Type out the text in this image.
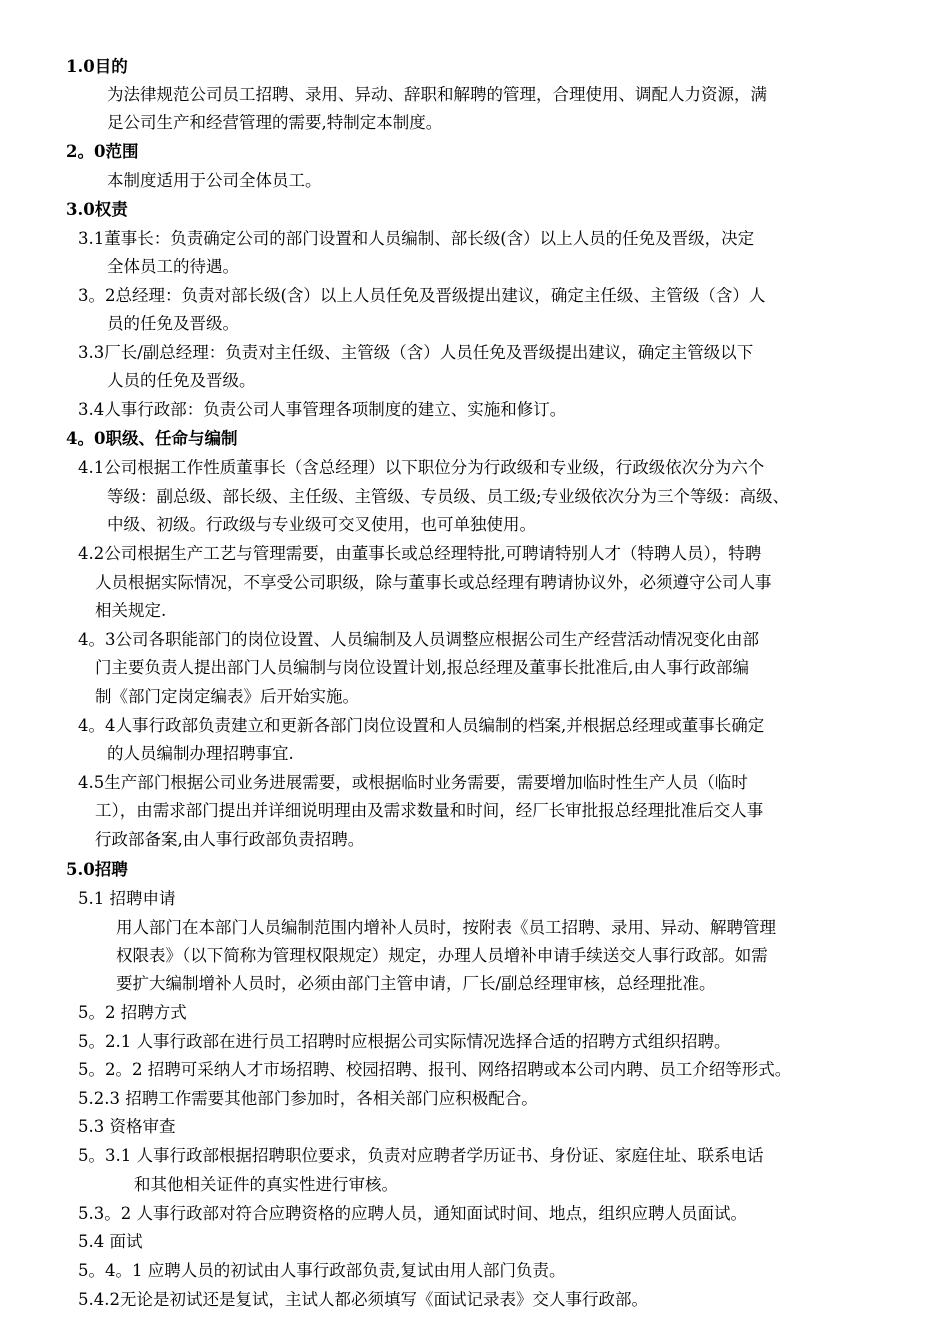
1.0目的
为法律规范公司员工招聘、录用、异动、辞职和解聘的管理，合理使用、调配人力资源，满
足公司生产和经营管理的需要,特制定本制度。
2。0范围
本制度适用于公司全体员工。
3.0权责
3.1董事长：负责确定公司的部门设置和人员编制、部长级(含）以上人员的任免及晋级，决定
全体员工的待遇。
3。2总经理：负责对部长级(含）以上人员任免及晋级提出建议，确定主任级、主管级（含）人
员的任免及晋级。
3.3厂长/副总经理：负责对主任级、主管级（含）人员任免及晋级提出建议，确定主管级以下
人员的任免及晋级。
3.4人事行政部：负责公司人事管理各项制度的建立、实施和修订。
4。0职级、任命与编制
4.1公司根据工作性质董事长（含总经理）以下职位分为行政级和专业级，行政级依次分为六个
等级：副总级、部长级、主任级、主管级、专员级、员工级;专业级依次分为三个等级：高级、
中级、初级。行政级与专业级可交叉使用，也可单独使用。
4.2公司根据生产工艺与管理需要，由董事长或总经理特批,可聘请特别人才（特聘人员），特聘
人员根据实际情况，不享受公司职级，除与董事长或总经理有聘请协议外，必须遵守公司人事
相关规定.
4。3公司各职能部门的岗位设置、人员编制及人员调整应根据公司生产经营活动情况变化由部
门主要负责人提出部门人员编制与岗位设置计划,报总经理及董事长批准后,由人事行政部编
制《部门定岗定编表》后开始实施。
4。4人事行政部负责建立和更新各部门岗位设置和人员编制的档案,并根据总经理或董事长确定
的人员编制办理招聘事宜.
4.5生产部门根据公司业务进展需要，或根据临时业务需要，需要增加临时性生产人员（临时
工），由需求部门提出并详细说明理由及需求数量和时间，经厂长审批报总经理批准后交人事
行政部备案,由人事行政部负责招聘。
5.0招聘
5.1 招聘申请
用人部门在本部门人员编制范围内增补人员时，按附表《员工招聘、录用、异动、解聘管理
权限表》（以下简称为管理权限规定）规定，办理人员增补申请手续送交人事行政部。如需
要扩大编制增补人员时，必须由部门主管申请，厂长/副总经理审核，总经理批准。
5。2 招聘方式
5。2.1 人事行政部在进行员工招聘时应根据公司实际情况选择合适的招聘方式组织招聘。
5。2。2 招聘可采纳人才市场招聘、校园招聘、报刊、网络招聘或本公司内聘、员工介绍等形式。
5.2.3 招聘工作需要其他部门参加时，各相关部门应积极配合。
5.3 资格审查
5。3.1 人事行政部根据招聘职位要求，负责对应聘者学历证书、身份证、家庭住址、联系电话
和其他相关证件的真实性进行审核。
5.3。2 人事行政部对符合应聘资格的应聘人员，通知面试时间、地点，组织应聘人员面试。
5.4 面试
5。4。1 应聘人员的初试由人事行政部负责,复试由用人部门负责。
5.4.2无论是初试还是复试，主试人都必须填写《面试记录表》交人事行政部。
